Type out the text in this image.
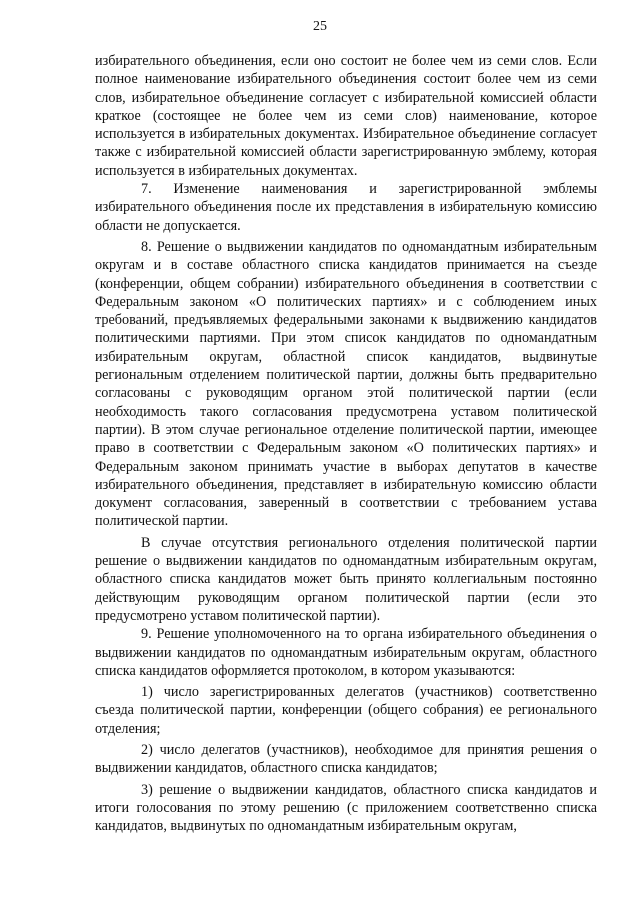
25

избирательного объединения, если оно состоит не более чем из семи слов. Если полное наименование избирательного объединения состоит более чем из семи слов, избирательное объединение согласует с избирательной комиссией области краткое (состоящее не более чем из семи слов) наименование, которое используется в избирательных документах. Избирательное объединение согласует также с избирательной комиссией области зарегистрированную эмблему, которая используется в избирательных документах.

7. Изменение наименования и зарегистрированной эмблемы избирательного объединения после их представления в избирательную комиссию области не допускается.

8. Решение о выдвижении кандидатов по одномандатным избирательным округам и в составе областного списка кандидатов принимается на съезде (конференции, общем собрании) избирательного объединения в соответствии с Федеральным законом «О политических партиях» и с соблюдением иных требований, предъявляемых федеральными законами к выдвижению кандидатов политическими партиями. При этом список кандидатов по одномандатным избирательным округам, областной список кандидатов, выдвинутые региональным отделением политической партии, должны быть предварительно согласованы с руководящим органом этой политической партии (если необходимость такого согласования предусмотрена уставом политической партии). В этом случае региональное отделение политической партии, имеющее право в соответствии с Федеральным законом «О политических партиях» и Федеральным законом принимать участие в выборах депутатов в качестве избирательного объединения, представляет в избирательную комиссию области документ согласования, заверенный в соответствии с требованием устава политической партии.

В случае отсутствия регионального отделения политической партии решение о выдвижении кандидатов по одномандатным избирательным округам, областного списка кандидатов может быть принято коллегиальным постоянно действующим руководящим органом политической партии (если это предусмотрено уставом политической партии).

9. Решение уполномоченного на то органа избирательного объединения о выдвижении кандидатов по одномандатным избирательным округам, областного списка кандидатов оформляется протоколом, в котором указываются:

1) число зарегистрированных делегатов (участников) соответственно съезда политической партии, конференции (общего собрания) ее регионального отделения;

2) число делегатов (участников), необходимое для принятия решения о выдвижении кандидатов, областного списка кандидатов;

3) решение о выдвижении кандидатов, областного списка кандидатов и итоги голосования по этому решению (с приложением соответственно списка кандидатов, выдвинутых по одномандатным избирательным округам,
